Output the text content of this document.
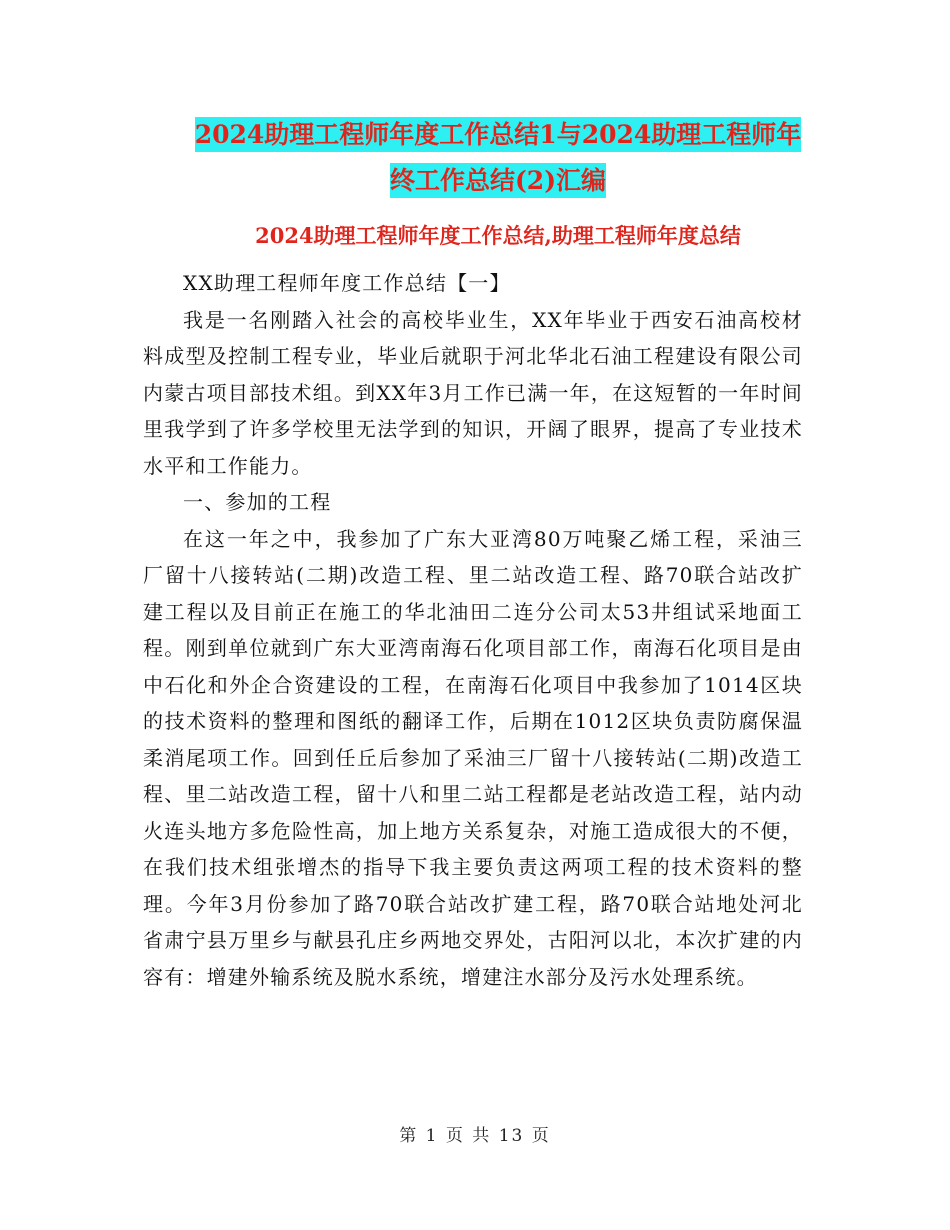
2024助理工程师年度工作总结1与2024助理工程师年
终工作总结(2)汇编
2024助理工程师年度工作总结,助理工程师年度总结

XX助理工程师年度工作总结【一】

我是一名刚踏入社会的高校毕业生，XX年毕业于西安石油高校材料成型及控制工程专业，毕业后就职于河北华北石油工程建设有限公司内蒙古项目部技术组。到XX年3月工作已满一年，在这短暂的一年时间里我学到了许多学校里无法学到的知识，开阔了眼界，提高了专业技术水平和工作能力。

一、参加的工程

在这一年之中，我参加了广东大亚湾80万吨聚乙烯工程，采油三厂留十八接转站(二期)改造工程、里二站改造工程、路70联合站改扩建工程以及目前正在施工的华北油田二连分公司太53井组试采地面工程。刚到单位就到广东大亚湾南海石化项目部工作，南海石化项目是由中石化和外企合资建设的工程，在南海石化项目中我参加了1014区块的技术资料的整理和图纸的翻译工作，后期在1012区块负责防腐保温柔消尾项工作。回到任丘后参加了采油三厂留十八接转站(二期)改造工程、里二站改造工程，留十八和里二站工程都是老站改造工程，站内动火连头地方多危险性高，加上地方关系复杂，对施工造成很大的不便，在我们技术组张增杰的指导下我主要负责这两项工程的技术资料的整理。今年3月份参加了路70联合站改扩建工程，路70联合站地处河北省肃宁县万里乡与献县孔庄乡两地交界处，古阳河以北，本次扩建的内容有：增建外输系统及脱水系统，增建注水部分及污水处理系统。

第 1 页 共 13 页
